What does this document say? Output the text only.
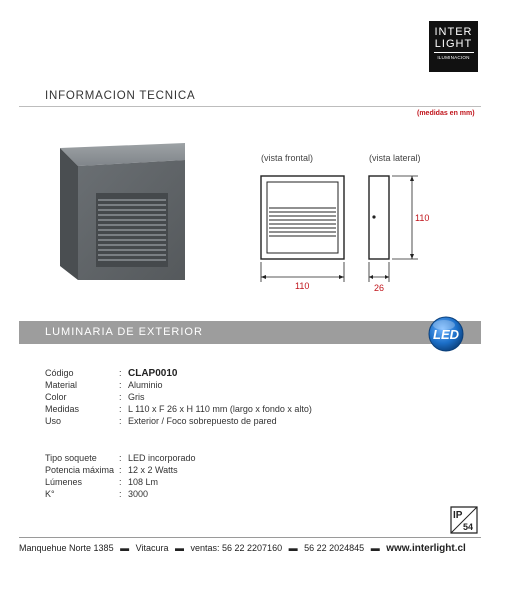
INTER
LIGHT
ILUMINACION
INFORMACION TECNICA
(medidas en mm)
(vista frontal)	(vista lateral)
110
110
26
LUMINARIA DE EXTERIOR	LED
Código	: CLAP0010
Material	: Aluminio
Color	: Gris
Medidas	: L 110 x F 26 x H 110 mm (largo x fondo x alto)
Uso	: Exterior / Foco sobrepuesto de pared
Tipo soquete : LED incorporado
Potencia máxima : 12 x 2 Watts
Lúmenes	: 108 Lm
K°	: 3000
IP
54
Manquehue Norte 1385 ▬ Vitacura ▬ ventas: 56 22 2207160 ▬ 56 22 2024845 ▬ www.interlight.cl
